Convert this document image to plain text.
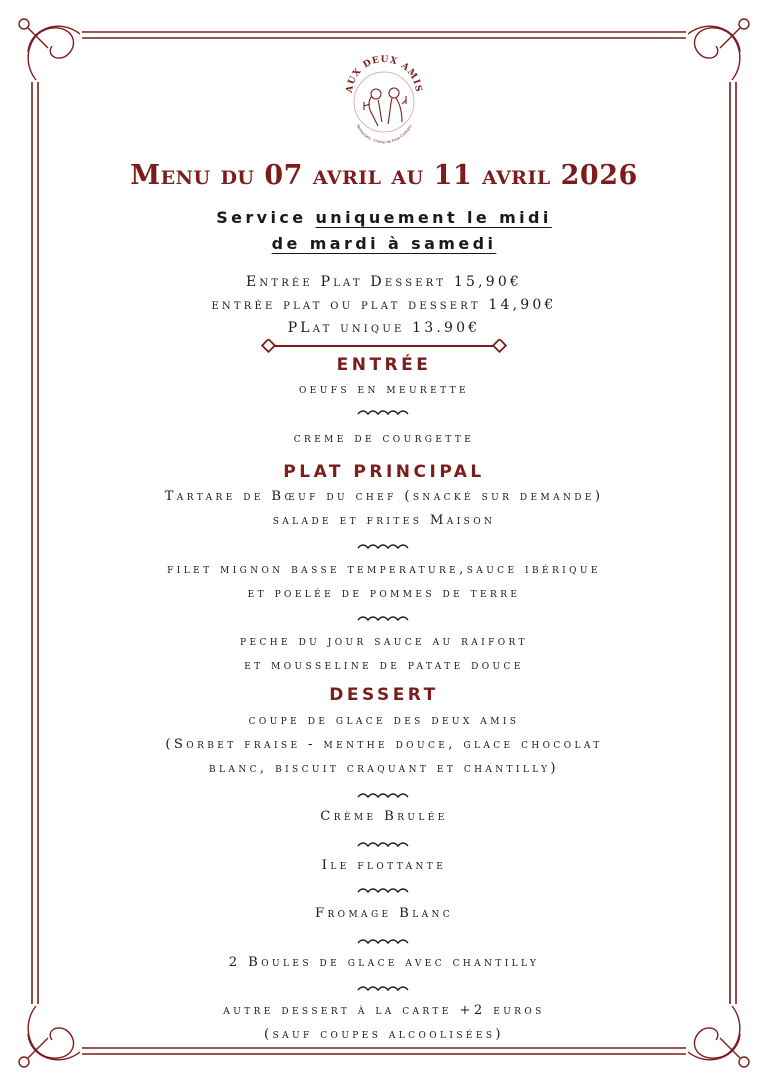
AUX DEUX AMIS
Restaurant · Champ de Foire Corbigny
Menu du 07 avril au 11 avril 2026
Service uniquement le midi
de mardi à samedi
Entrée Plat Dessert 15,90€
entrée plat ou plat dessert 14,90€
PLat unique 13.90€
ENTRÉE
oeufs en meurette
creme de courgette
PLAT PRINCIPAL
Tartare de Bœuf du chef (snacké sur demande)
salade et frites Maison
filet mignon basse temperature,sauce ibérique
et poelée de pommes de terre
peche du jour sauce au raifort
et mousseline de patate douce
DESSERT
coupe de glace des deux amis
(Sorbet fraise - menthe douce, glace chocolat
blanc, biscuit craquant et chantilly)
Crème Brulée
Ile flottante
Fromage Blanc
2 Boules de glace avec chantilly
autre dessert à la carte +2 euros
(sauf coupes alcoolisées)
